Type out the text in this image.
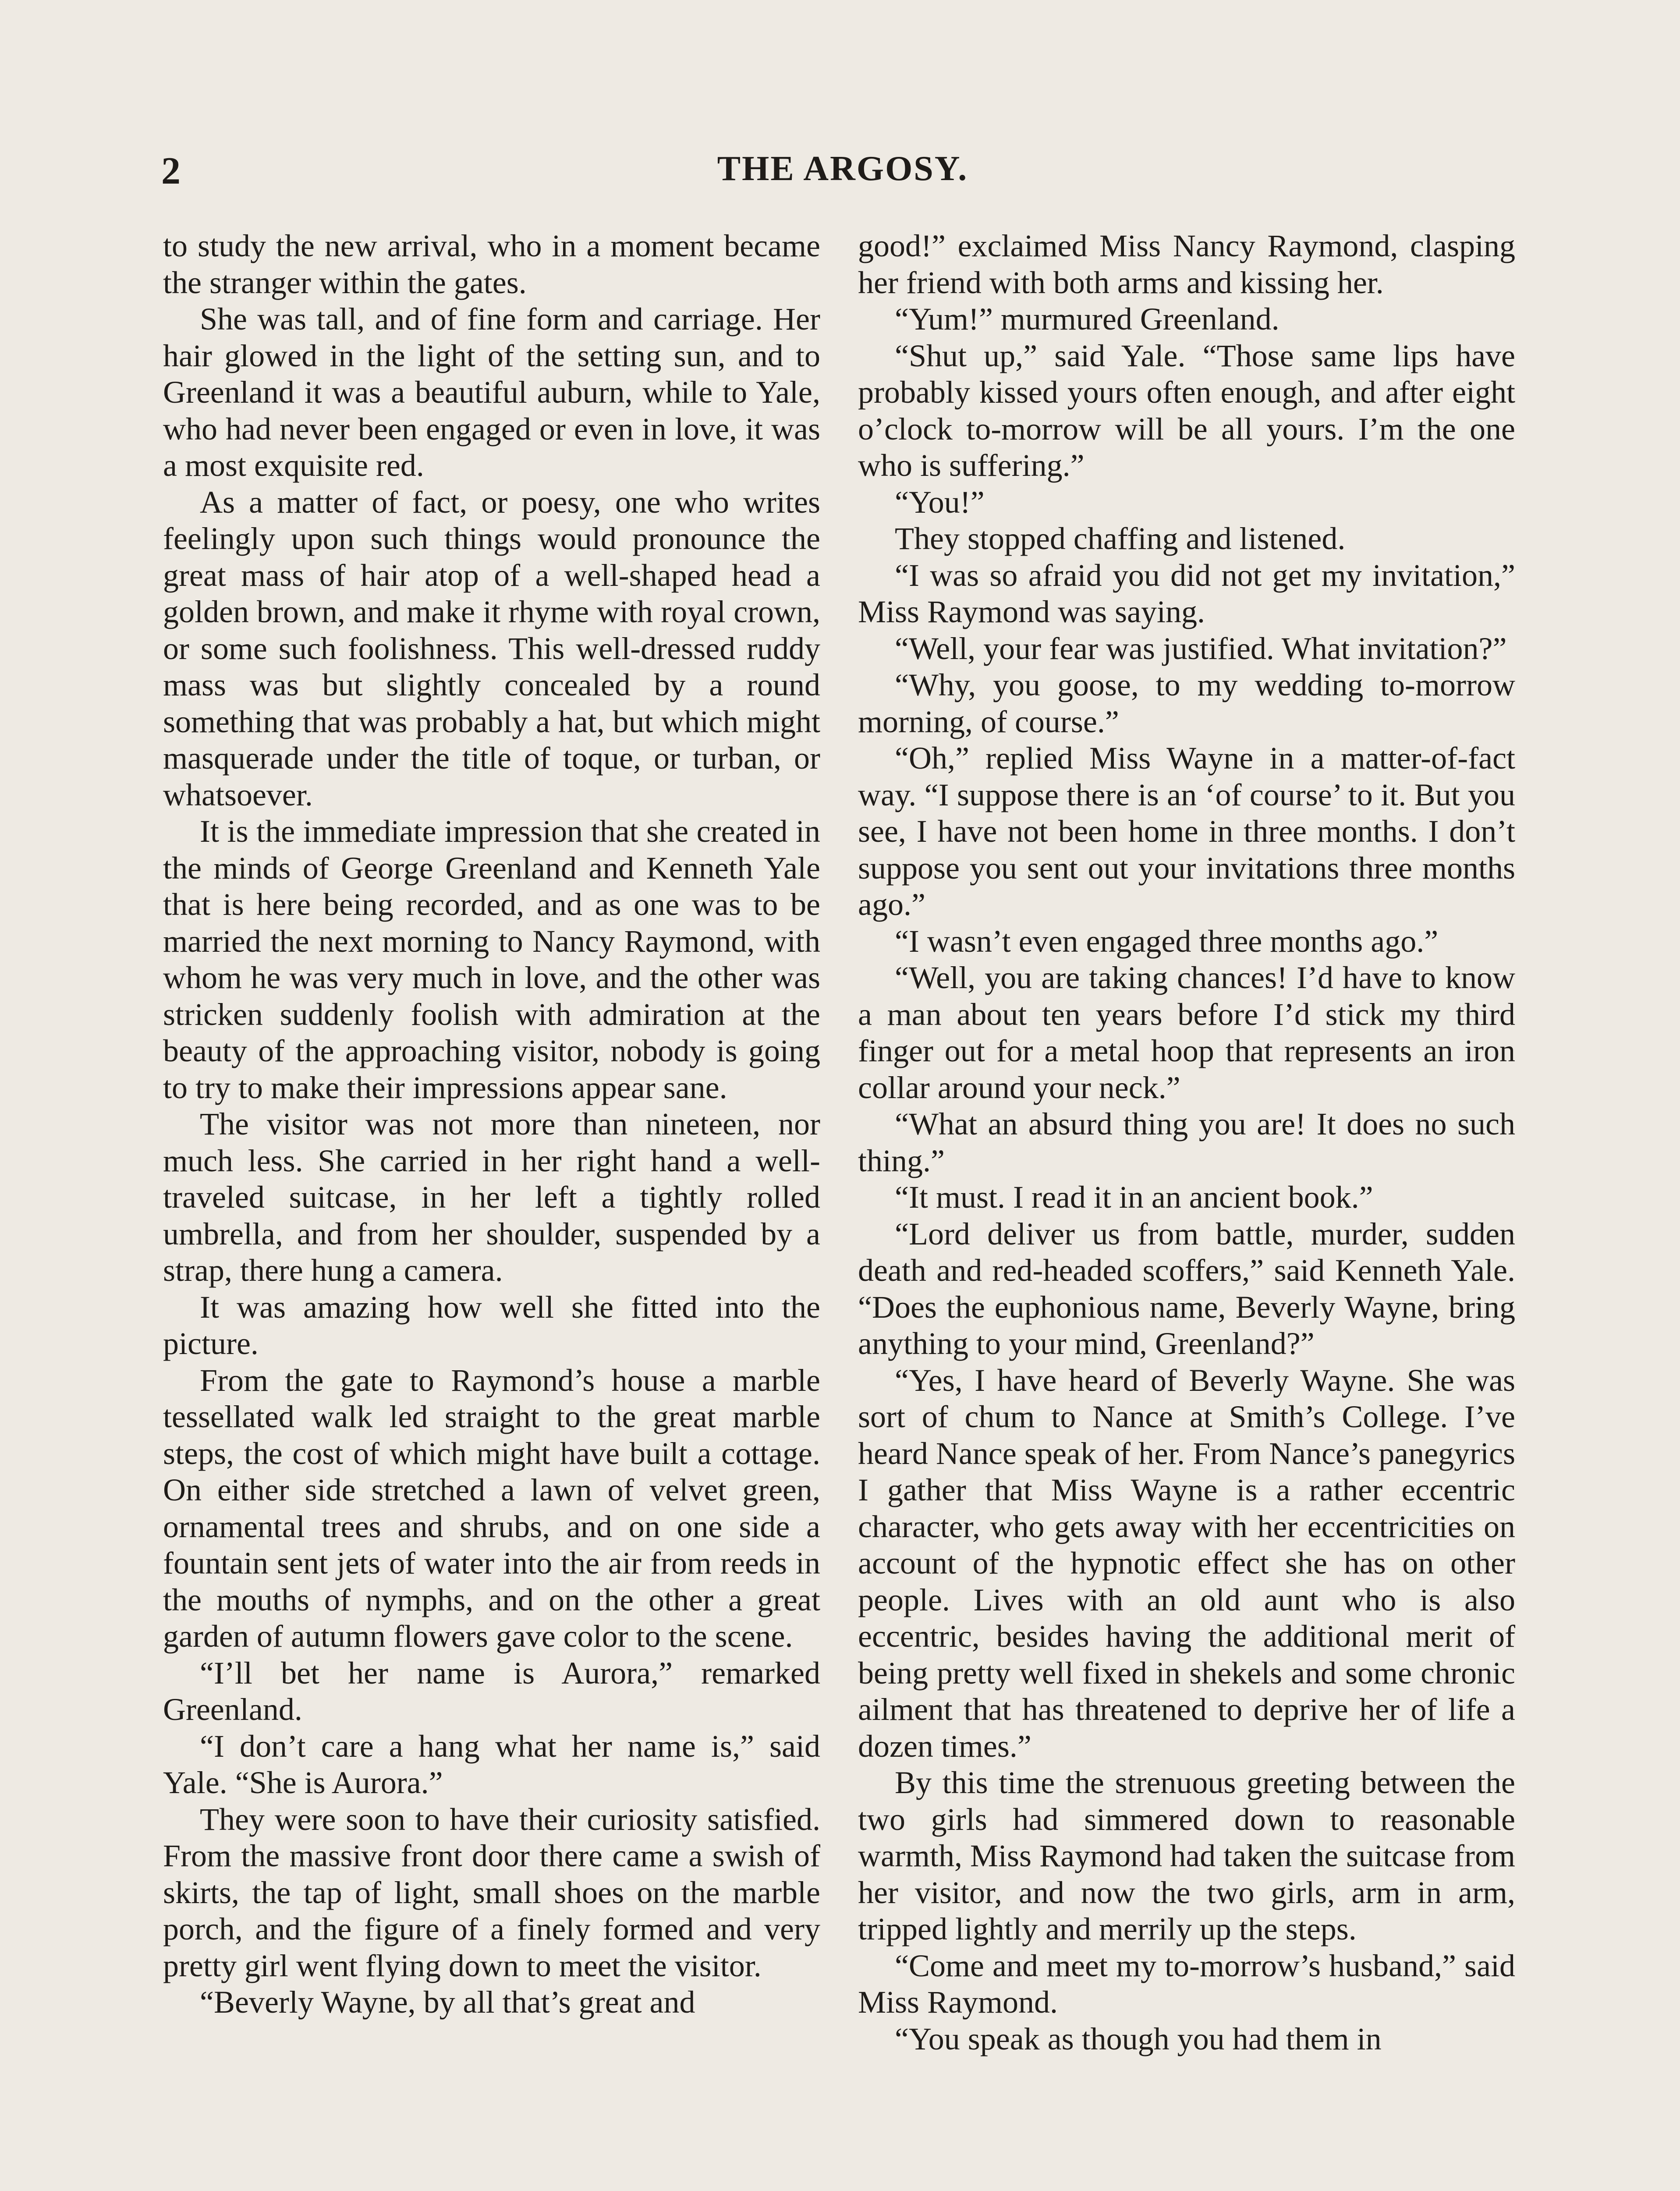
2	THE ARGOSY.

to study the new arrival, who in a moment became the stranger within the gates.

She was tall, and of fine form and carriage. Her hair glowed in the light of the setting sun, and to Greenland it was a beautiful auburn, while to Yale, who had never been engaged or even in love, it was a most exquisite red.

As a matter of fact, or poesy, one who writes feelingly upon such things would pronounce the great mass of hair atop of a well-shaped head a golden brown, and make it rhyme with royal crown, or some such foolishness. This well-dressed ruddy mass was but slightly concealed by a round something that was probably a hat, but which might masquerade under the title of toque, or turban, or whatsoever.

It is the immediate impression that she created in the minds of George Greenland and Kenneth Yale that is here being recorded, and as one was to be married the next morning to Nancy Raymond, with whom he was very much in love, and the other was stricken suddenly foolish with admiration at the beauty of the approaching visitor, nobody is going to try to make their impressions appear sane.

The visitor was not more than nineteen, nor much less. She carried in her right hand a well-traveled suitcase, in her left a tightly rolled umbrella, and from her shoulder, suspended by a strap, there hung a camera.

It was amazing how well she fitted into the picture.

From the gate to Raymond’s house a marble tessellated walk led straight to the great marble steps, the cost of which might have built a cottage. On either side stretched a lawn of velvet green, ornamental trees and shrubs, and on one side a fountain sent jets of water into the air from reeds in the mouths of nymphs, and on the other a great garden of autumn flowers gave color to the scene.

“I’ll bet her name is Aurora,” remarked Greenland.

“I don’t care a hang what her name is,” said Yale. “She is Aurora.”

They were soon to have their curiosity satisfied. From the massive front door there came a swish of skirts, the tap of light, small shoes on the marble porch, and the figure of a finely formed and very pretty girl went flying down to meet the visitor.

“Beverly Wayne, by all that’s great and

good!” exclaimed Miss Nancy Raymond, clasping her friend with both arms and kissing her.

“Yum!” murmured Greenland.

“Shut up,” said Yale. “Those same lips have probably kissed yours often enough, and after eight o’clock to-morrow will be all yours. I’m the one who is suffering.”

“You!”

They stopped chaffing and listened.

“I was so afraid you did not get my invitation,” Miss Raymond was saying.

“Well, your fear was justified. What invitation?”

“Why, you goose, to my wedding to-morrow morning, of course.”

“Oh,” replied Miss Wayne in a matter-of-fact way. “I suppose there is an ‘of course’ to it. But you see, I have not been home in three months. I don’t suppose you sent out your invitations three months ago.”

“I wasn’t even engaged three months ago.”

“Well, you are taking chances! I’d have to know a man about ten years before I’d stick my third finger out for a metal hoop that represents an iron collar around your neck.”

“What an absurd thing you are! It does no such thing.”

“It must. I read it in an ancient book.”

“Lord deliver us from battle, murder, sudden death and red-headed scoffers,” said Kenneth Yale. “Does the euphonious name, Beverly Wayne, bring anything to your mind, Greenland?”

“Yes, I have heard of Beverly Wayne. She was sort of chum to Nance at Smith’s College. I’ve heard Nance speak of her. From Nance’s panegyrics I gather that Miss Wayne is a rather eccentric character, who gets away with her eccentricities on account of the hypnotic effect she has on other people. Lives with an old aunt who is also eccentric, besides having the additional merit of being pretty well fixed in shekels and some chronic ailment that has threatened to deprive her of life a dozen times.”

By this time the strenuous greeting between the two girls had simmered down to reasonable warmth, Miss Raymond had taken the suitcase from her visitor, and now the two girls, arm in arm, tripped lightly and merrily up the steps.

“Come and meet my to-morrow’s husband,” said Miss Raymond.

“You speak as though you had them in
